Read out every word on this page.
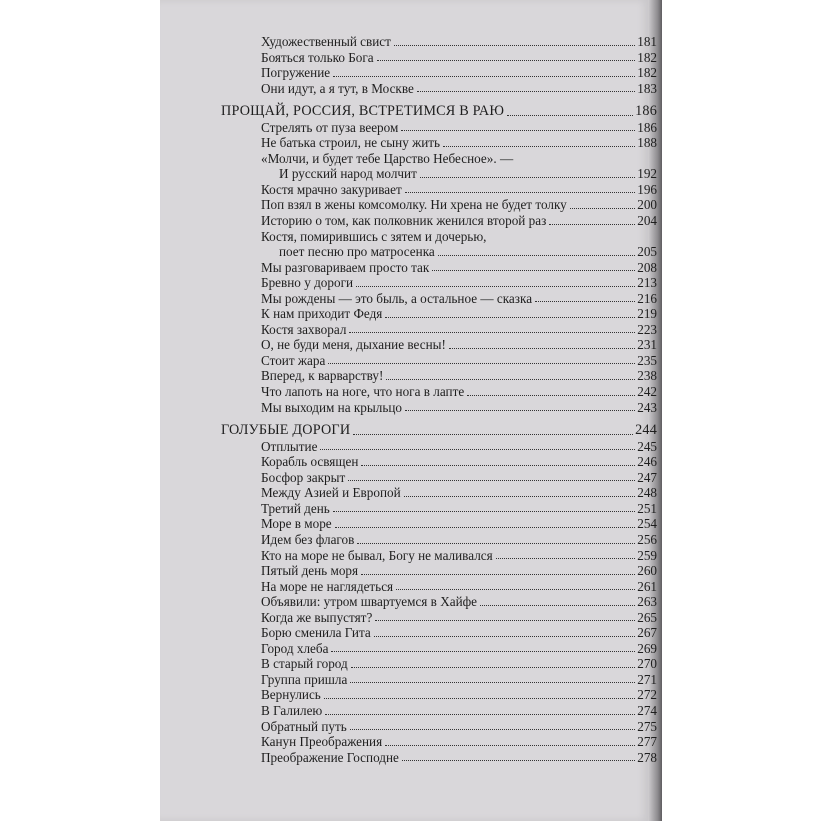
Художественный свист	181
Бояться только Бога	182
Погружение	182
Они идут, а я тут, в Москве	183
ПРОЩАЙ, РОССИЯ, ВСТРЕТИМСЯ В РАЮ	186
Стрелять от пуза веером	186
Не батька строил, не сыну жить	188
«Молчи, и будет тебе Царство Небесное». —
И русский народ молчит	192
Костя мрачно закуривает	196
Поп взял в жены комсомолку. Ни хрена не будет толку	200
Историю о том, как полковник женился второй раз	204
Костя, помирившись с зятем и дочерью,
поет песню про матросенка	205
Мы разговариваем просто так	208
Бревно у дороги	213
Мы рождены — это быль, а остальное — сказка	216
К нам приходит Федя	219
Костя захворал	223
О, не буди меня, дыхание весны!	231
Стоит жара	235
Вперед, к варварству!	238
Что лапоть на ноге, что нога в лапте	242
Мы выходим на крыльцо	243
ГОЛУБЫЕ ДОРОГИ	244
Отплытие	245
Корабль освящен	246
Босфор закрыт	247
Между Азией и Европой	248
Третий день	251
Море в море	254
Идем без флагов	256
Кто на море не бывал, Богу не маливался	259
Пятый день моря	260
На море не наглядеться	261
Объявили: утром швартуемся в Хайфе	263
Когда же выпустят?	265
Борю сменила Гита	267
Город хлеба	269
В старый город	270
Группа пришла	271
Вернулись	272
В Галилею	274
Обратный путь	275
Канун Преображения	277
Преображение Господне	278
